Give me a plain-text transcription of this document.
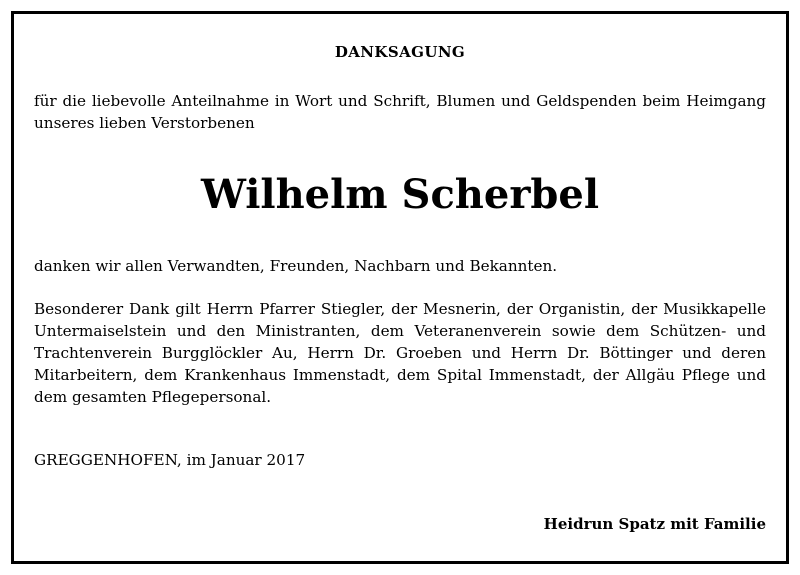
DANKSAGUNG
für die liebevolle Anteilnahme in Wort und Schrift, Blumen und Geldspenden beim Heimgang unseres lieben Verstorbenen
Wilhelm Scherbel
danken wir allen Verwandten, Freunden, Nachbarn und Bekannten.
Besonderer Dank gilt Herrn Pfarrer Stiegler, der Mesnerin, der Organistin, der Musikkapelle Untermaiselstein und den Ministranten, dem Veteranenverein sowie dem Schützen- und Trachtenverein Burgglöckler Au, Herrn Dr. Groeben und Herrn Dr. Böttinger und deren Mitarbeitern, dem Krankenhaus Immenstadt, dem Spital Immenstadt, der Allgäu Pflege und dem gesamten Pflegepersonal.
GREGGENHOFEN, im Januar 2017
Heidrun Spatz mit Familie
